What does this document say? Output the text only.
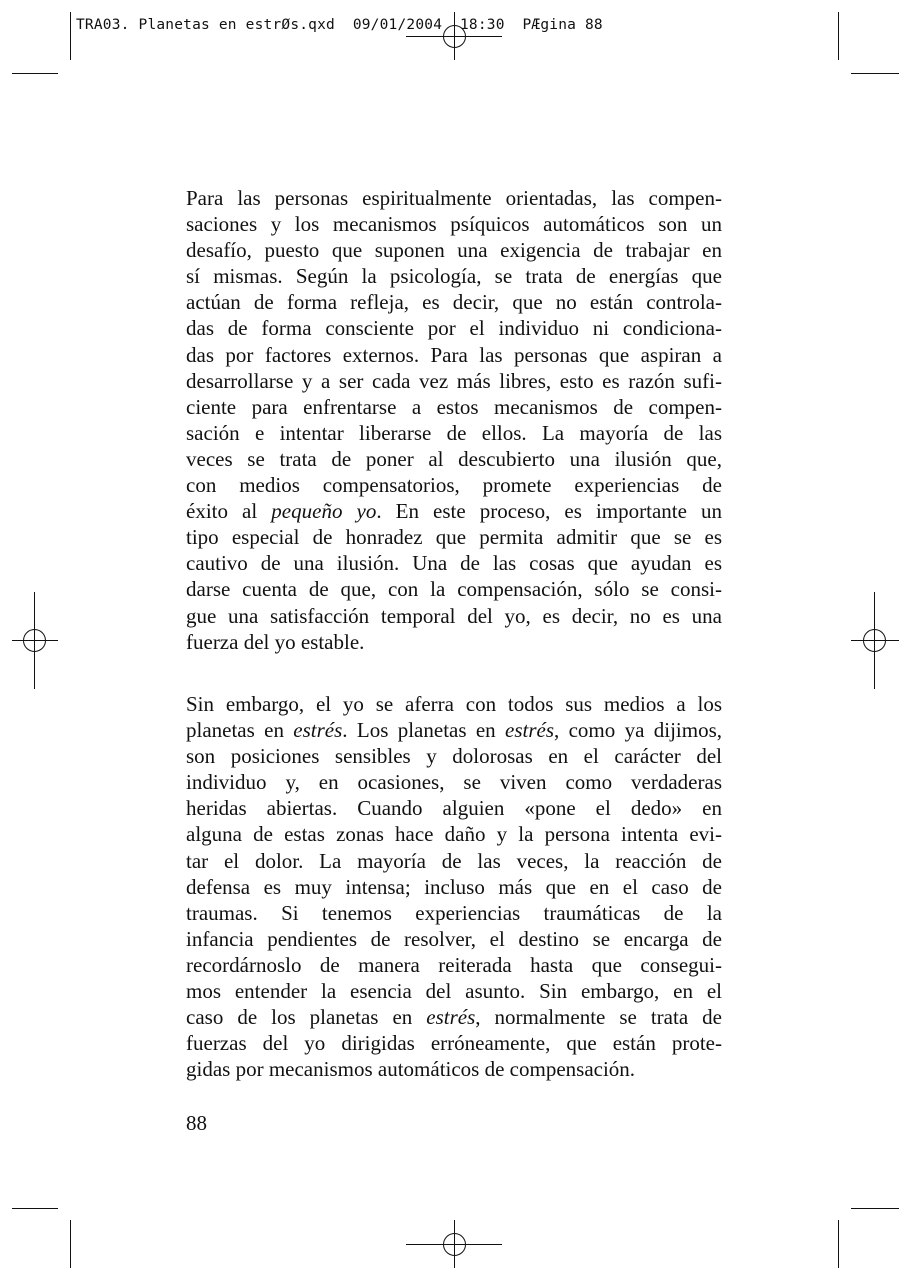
TRA03. Planetas en estrØs.qxd  09/01/2004  18:30  PÆgina 88
Para las personas espiritualmente orientadas, las compen-
saciones y los mecanismos psíquicos automáticos son un
desafío, puesto que suponen una exigencia de trabajar en
sí mismas. Según la psicología, se trata de energías que
actúan de forma refleja, es decir, que no están controla-
das de forma consciente por el individuo ni condiciona-
das por factores externos. Para las personas que aspiran a
desarrollarse y a ser cada vez más libres, esto es razón sufi-
ciente para enfrentarse a estos mecanismos de compen-
sación e intentar liberarse de ellos. La mayoría de las
veces se trata de poner al descubierto una ilusión que,
con medios compensatorios, promete experiencias de
éxito al pequeño yo. En este proceso, es importante un
tipo especial de honradez que permita admitir que se es
cautivo de una ilusión. Una de las cosas que ayudan es
darse cuenta de que, con la compensación, sólo se consi-
gue una satisfacción temporal del yo, es decir, no es una
fuerza del yo estable.
Sin embargo, el yo se aferra con todos sus medios a los
planetas en estrés. Los planetas en estrés, como ya dijimos,
son posiciones sensibles y dolorosas en el carácter del
individuo y, en ocasiones, se viven como verdaderas
heridas abiertas. Cuando alguien «pone el dedo» en
alguna de estas zonas hace daño y la persona intenta evi-
tar el dolor. La mayoría de las veces, la reacción de
defensa es muy intensa; incluso más que en el caso de
traumas. Si tenemos experiencias traumáticas de la
infancia pendientes de resolver, el destino se encarga de
recordárnoslo de manera reiterada hasta que consegui-
mos entender la esencia del asunto. Sin embargo, en el
caso de los planetas en estrés, normalmente se trata de
fuerzas del yo dirigidas erróneamente, que están prote-
gidas por mecanismos automáticos de compensación.
88
